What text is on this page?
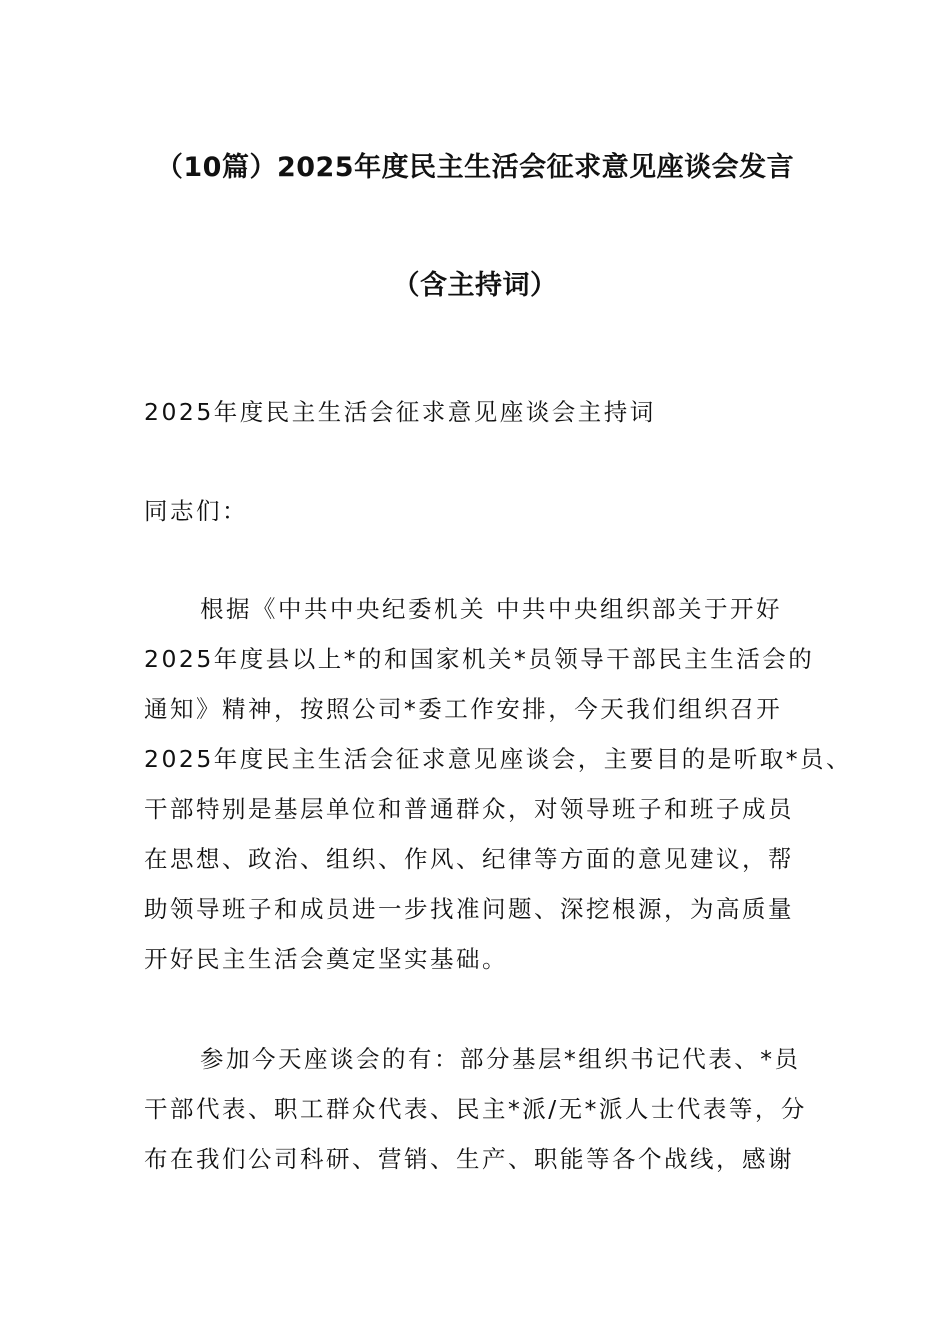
（10篇）2025年度民主生活会征求意见座谈会发言
（含主持词）
2025年度民主生活会征求意见座谈会主持词
同志们：
根据《中共中央纪委机关 中共中央组织部关于开好
2025年度县以上*的和国家机关*员领导干部民主生活会的
通知》精神，按照公司*委工作安排，今天我们组织召开
2025年度民主生活会征求意见座谈会，主要目的是听取*员、
干部特别是基层单位和普通群众，对领导班子和班子成员
在思想、政治、组织、作风、纪律等方面的意见建议，帮
助领导班子和成员进一步找准问题、深挖根源，为高质量
开好民主生活会奠定坚实基础。
参加今天座谈会的有：部分基层*组织书记代表、*员
干部代表、职工群众代表、民主*派/无*派人士代表等，分
布在我们公司科研、营销、生产、职能等各个战线，感谢
